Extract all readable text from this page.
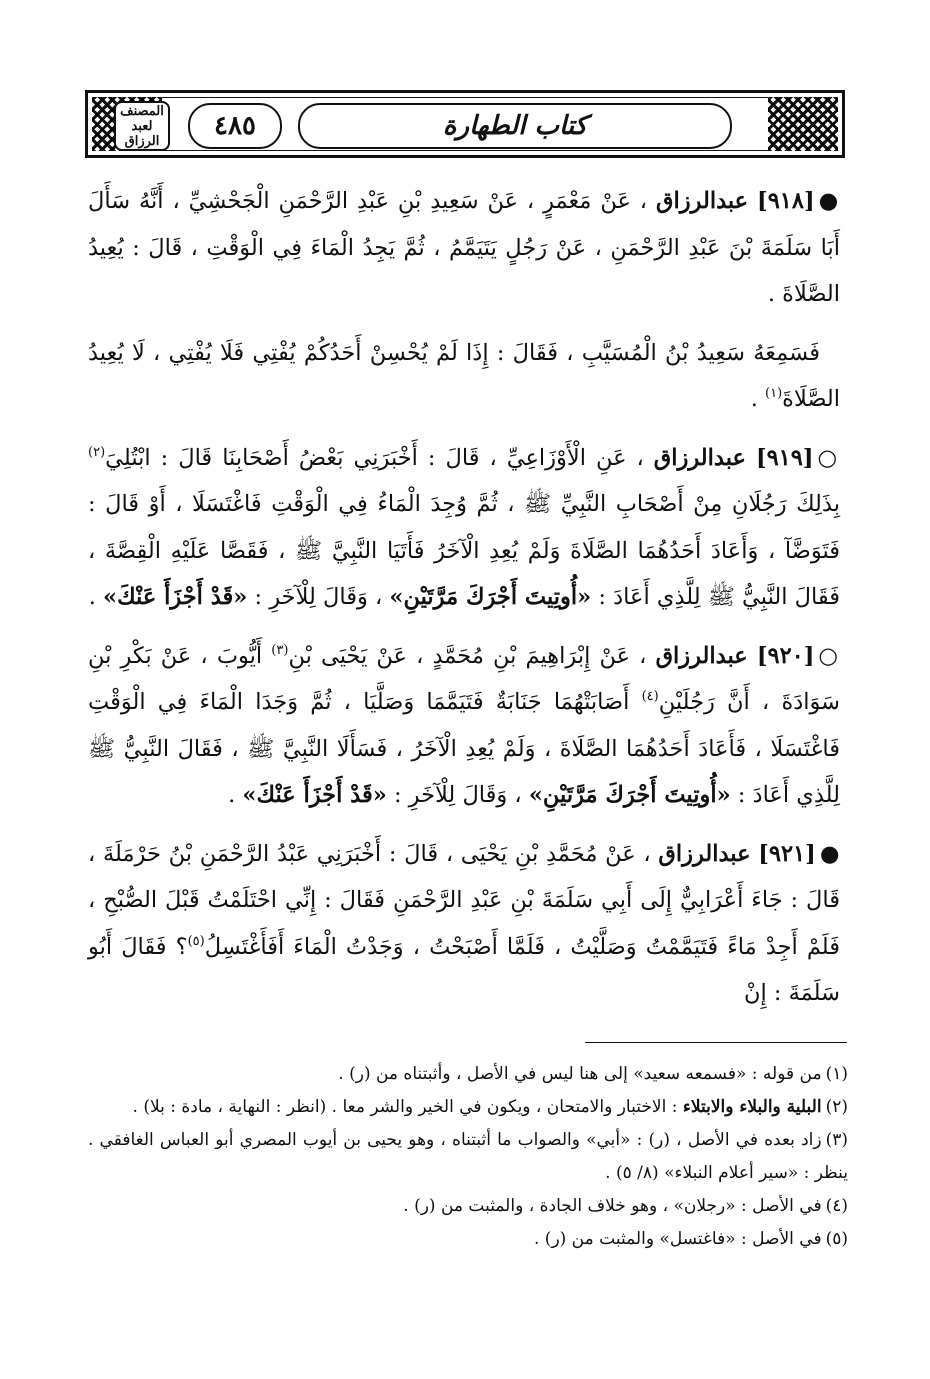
المصنف
لعبد الرزاق	٤٨٥	كتاب الطهارة

●[٩١٨] عبدالرزاق ، عَنْ مَعْمَرٍ ، عَنْ سَعِيدِ بْنِ عَبْدِ الرَّحْمَنِ الْجَحْشِيِّ ، أَنَّهُ سَأَلَ أَبَا سَلَمَةَ بْنَ عَبْدِ الرَّحْمَنِ ، عَنْ رَجُلٍ يَتَيَمَّمُ ، ثُمَّ يَجِدُ الْمَاءَ فِي الْوَقْتِ ، قَالَ : يُعِيدُ الصَّلَاةَ .

فَسَمِعَهُ سَعِيدُ بْنُ الْمُسَيَّبِ ، فَقَالَ : إِذَا لَمْ يُحْسِنْ أَحَدُكُمْ يُفْتِي فَلَا يُفْتِي ، لَا يُعِيدُ الصَّلَاةَ$^{(١)}$ .

○[٩١٩] عبدالرزاق ، عَنِ الْأَوْزَاعِيِّ ، قَالَ : أَخْبَرَنِي بَعْضُ أَصْحَابِنَا قَالَ : ابْتُلِيَ$^{(٢)}$ بِذَلِكَ رَجُلَانِ مِنْ أَصْحَابِ النَّبِيِّ ﷺ ، ثُمَّ وُجِدَ الْمَاءُ فِي الْوَقْتِ فَاغْتَسَلَا ، أَوْ قَالَ : فَتَوَضَّآ ، وَأَعَادَ أَحَدُهُمَا الصَّلَاةَ وَلَمْ يُعِدِ الْآخَرُ فَأَتَيَا النَّبِيَّ ﷺ ، فَقَصَّا عَلَيْهِ الْقِصَّةَ ، فَقَالَ النَّبِيُّ ﷺ لِلَّذِي أَعَادَ : «أُوتِيتَ أَجْرَكَ مَرَّتَيْنِ» ، وَقَالَ لِلْآخَرِ : «قَدْ أَجْزَأَ عَنْكَ» .

○[٩٢٠] عبدالرزاق ، عَنْ إِبْرَاهِيمَ بْنِ مُحَمَّدٍ ، عَنْ يَحْيَى بْنِ$^{(٣)}$ أَيُّوبَ ، عَنْ بَكْرِ بْنِ سَوَادَةَ ، أَنَّ رَجُلَيْنِ$^{(٤)}$ أَصَابَتْهُمَا جَنَابَةٌ فَتَيَمَّمَا وَصَلَّيَا ، ثُمَّ وَجَدَا الْمَاءَ فِي الْوَقْتِ فَاغْتَسَلَا ، فَأَعَادَ أَحَدُهُمَا الصَّلَاةَ ، وَلَمْ يُعِدِ الْآخَرُ ، فَسَأَلَا النَّبِيَّ ﷺ ، فَقَالَ النَّبِيُّ ﷺ لِلَّذِي أَعَادَ : «أُوتِيتَ أَجْرَكَ مَرَّتَيْنِ» ، وَقَالَ لِلْآخَرِ : «قَدْ أَجْزَأَ عَنْكَ» .

●[٩٢١] عبدالرزاق ، عَنْ مُحَمَّدِ بْنِ يَحْيَى ، قَالَ : أَخْبَرَنِي عَبْدُ الرَّحْمَنِ بْنُ حَرْمَلَةَ ، قَالَ : جَاءَ أَعْرَابِيٌّ إِلَى أَبِي سَلَمَةَ بْنِ عَبْدِ الرَّحْمَنِ فَقَالَ : إِنِّي احْتَلَمْتُ قَبْلَ الصُّبْحِ ، فَلَمْ أَجِدْ مَاءً فَتَيَمَّمْتُ وَصَلَّيْتُ ، فَلَمَّا أَصْبَحْتُ ، وَجَدْتُ الْمَاءَ أَفَأَغْتَسِلُ$^{(٥)}$؟ فَقَالَ أَبُو سَلَمَةَ : إِنْ

(١)من قوله : «فسمعه سعيد» إلى هنا ليس في الأصل ، وأثبتناه من (ر) .

(٢)البلية والبلاء والابتلاء : الاختبار والامتحان ، ويكون في الخير والشر معا . (انظر : النهاية ، مادة : بلا) .

(٣)زاد بعده في الأصل ، (ر) : «أبي» والصواب ما أثبتناه ، وهو يحيى بن أيوب المصري أبو العباس الغافقي . ينظر : «سير أعلام النبلاء» (٨/ ٥) .

(٤)في الأصل : «رجلان» ، وهو خلاف الجادة ، والمثبت من (ر) .

(٥)في الأصل : «فاغتسل» والمثبت من (ر) .
